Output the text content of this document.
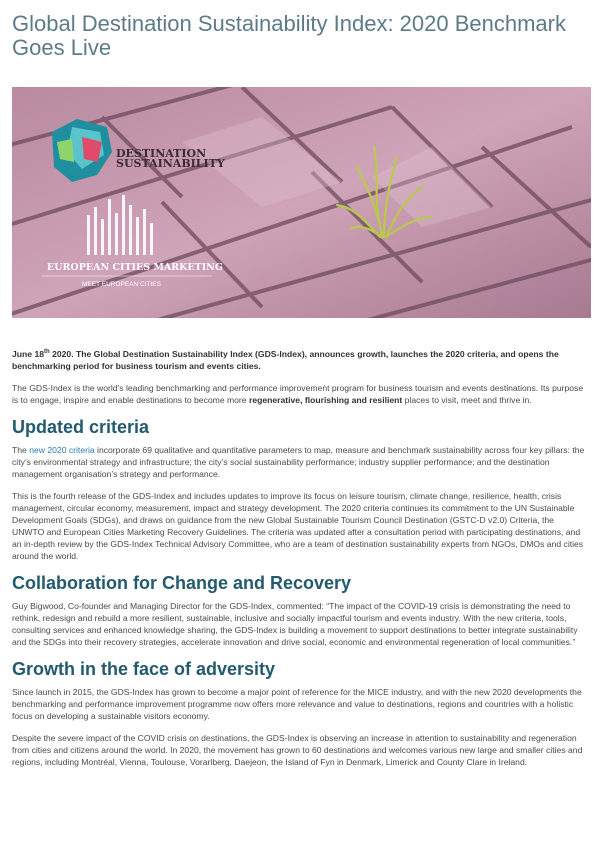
Global Destination Sustainability Index: 2020 Benchmark Goes Live
DESTINATION
SUSTAINABILITY
EUROPEAN CITIES MARKETING
MEET EUROPEAN CITIES

June 18th 2020. The Global Destination Sustainability Index (GDS-Index), announces growth, launches the 2020 criteria, and opens the benchmarking period for business tourism and events cities.

The GDS-Index is the world’s leading benchmarking and performance improvement program for business tourism and events destinations. Its purpose is to engage, inspire and enable destinations to become more regenerative, flourishing and resilient places to visit, meet and thrive in.

Updated criteria

The new 2020 criteria incorporate 69 qualitative and quantitative parameters to map, measure and benchmark sustainability across four key pillars: the city’s environmental strategy and infrastructure; the city’s social sustainability performance; industry supplier performance; and the destination management organisation’s strategy and performance.

This is the fourth release of the GDS-Index and includes updates to improve its focus on leisure tourism, climate change, resilience, health, crisis management, circular economy, measurement, impact and strategy development. The 2020 criteria continues its commitment to the UN Sustainable Development Goals (SDGs), and draws on guidance from the new Global Sustainable Tourism Council Destination (GSTC-D v2.0) Criteria, the UNWTO and European Cities Marketing Recovery Guidelines. The criteria was updated after a consultation period with participating destinations, and an in-depth review by the GDS-Index Technical Advisory Committee, who are a team of destination sustainability experts from NGOs, DMOs and cities around the world.

Collaboration for Change and Recovery

Guy Bigwood, Co-founder and Managing Director for the GDS-Index, commented: “The impact of the COVID-19 crisis is demonstrating the need to rethink, redesign and rebuild a more resilient, sustainable, inclusive and socially impactful tourism and events industry. With the new criteria, tools, consulting services and enhanced knowledge sharing, the GDS-Index is building a movement to support destinations to better integrate sustainability and the SDGs into their recovery strategies, accelerate innovation and drive social, economic and environmental regeneration of local communities.”

Growth in the face of adversity

Since launch in 2015, the GDS-Index has grown to become a major point of reference for the MICE industry, and with the new 2020 developments the benchmarking and performance improvement programme now offers more relevance and value to destinations, regions and countries with a holistic focus on developing a sustainable visitors economy.

Despite the severe impact of the COVID crisis on destinations, the GDS-Index is observing an increase in attention to sustainability and regeneration from cities and citizens around the world. In 2020, the movement has grown to 60 destinations and welcomes various new large and smaller cities and regions, including Montréal, Vienna, Toulouse, Vorarlberg, Daejeon, the Island of Fyn in Denmark, Limerick and County Clare in Ireland.
